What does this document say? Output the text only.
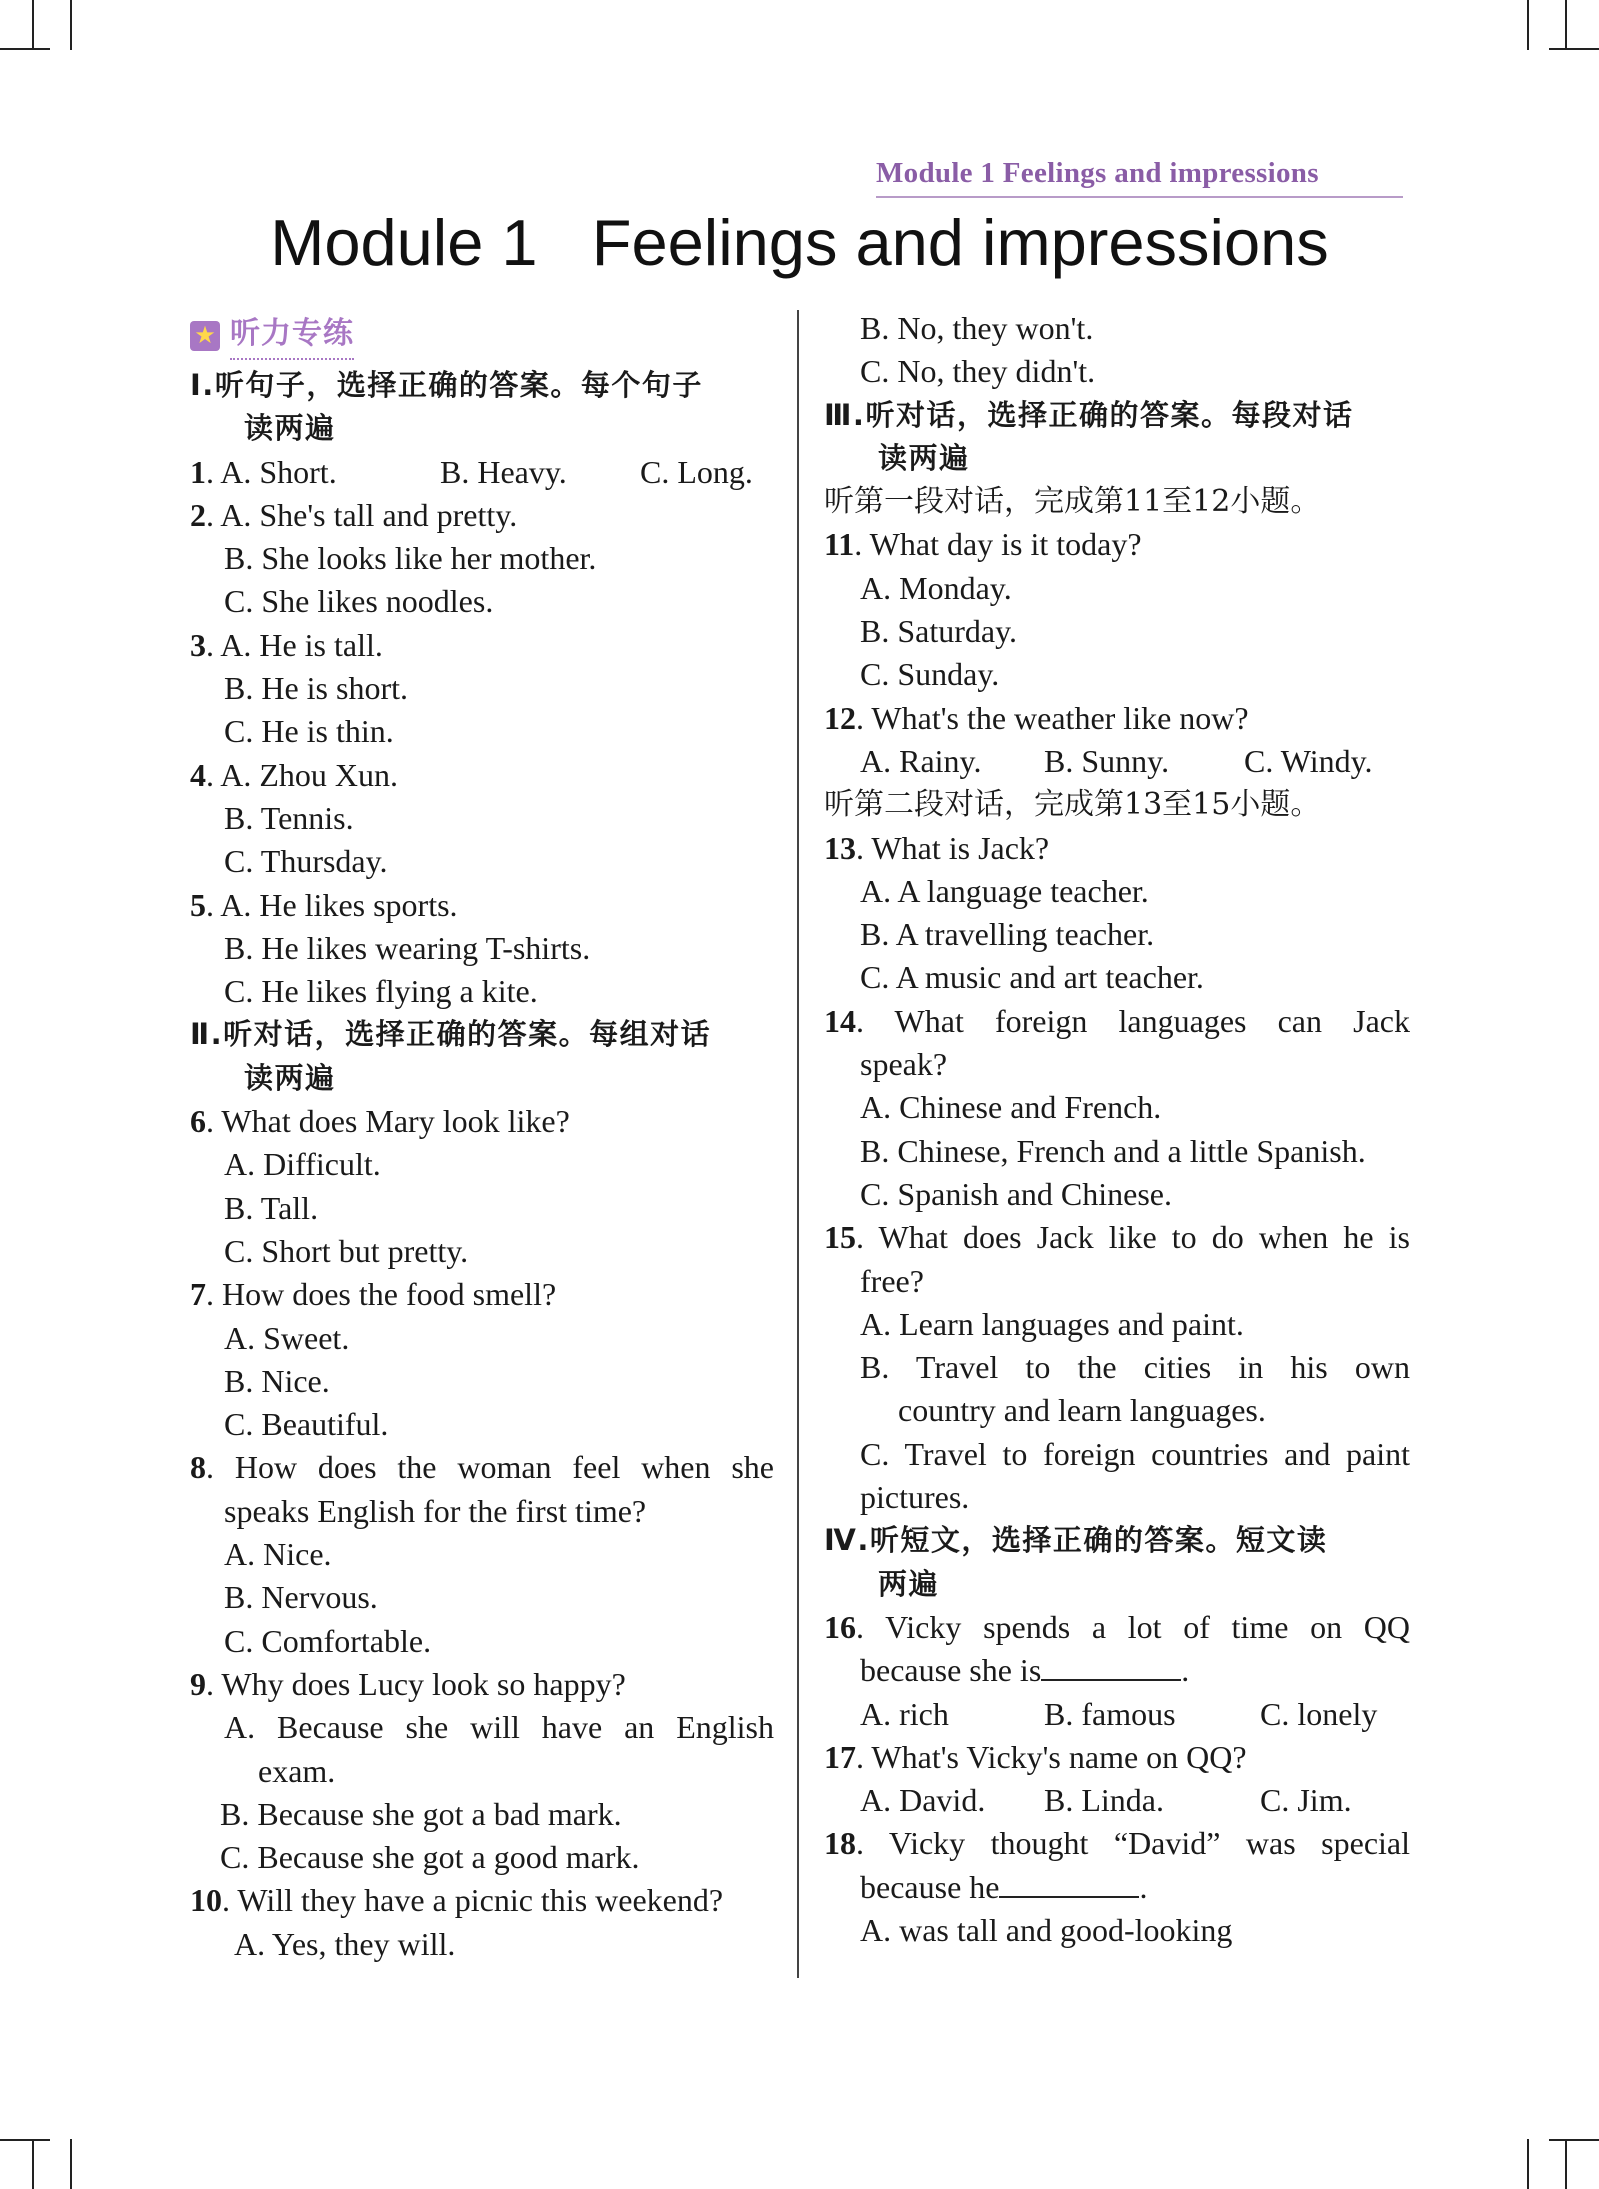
Module 1 Feelings and impressions
Module 1   Feelings and impressions
★ 听力专练
Ⅰ.听句子，选择正确的答案。每个句子
读两遍
1. A. Short.	B. Heavy.	C. Long.
2. A. She's tall and pretty.
B. She looks like her mother.
C. She likes noodles.
3. A. He is tall.
B. He is short.
C. He is thin.
4. A. Zhou Xun.
B. Tennis.
C. Thursday.
5. A. He likes sports.
B. He likes wearing T-shirts.
C. He likes flying a kite.
Ⅱ.听对话，选择正确的答案。每组对话
读两遍
6. What does Mary look like?
A. Difficult.
B. Tall.
C. Short but pretty.
7. How does the food smell?
A. Sweet.
B. Nice.
C. Beautiful.
8. How does the woman feel when she
speaks English for the first time?
A. Nice.
B. Nervous.
C. Comfortable.
9. Why does Lucy look so happy?
A. Because she will have an English
exam.
B. Because she got a bad mark.
C. Because she got a good mark.
10. Will they have a picnic this weekend?
A. Yes, they will.
B. No, they won't.
C. No, they didn't.
Ⅲ.听对话，选择正确的答案。每段对话
读两遍
听第一段对话，完成第11至12小题。
11. What day is it today?
A. Monday.
B. Saturday.
C. Sunday.
12. What's the weather like now?
A. Rainy.	B. Sunny.	C. Windy.
听第二段对话，完成第13至15小题。
13. What is Jack?
A. A language teacher.
B. A travelling teacher.
C. A music and art teacher.
14. What foreign languages can Jack
speak?
A. Chinese and French.
B. Chinese, French and a little Spanish.
C. Spanish and Chinese.
15. What does Jack like to do when he is
free?
A. Learn languages and paint.
B. Travel to the cities in his own
country and learn languages.
C. Travel to foreign countries and paint
pictures.
Ⅳ.听短文，选择正确的答案。短文读
两遍
16. Vicky spends a lot of time on QQ
because she is	.
A. rich	B. famous	C. lonely
17. What's Vicky's name on QQ?
A. David.	B. Linda.	C. Jim.
18. Vicky thought “David” was special
because he	.
A. was tall and good-looking
